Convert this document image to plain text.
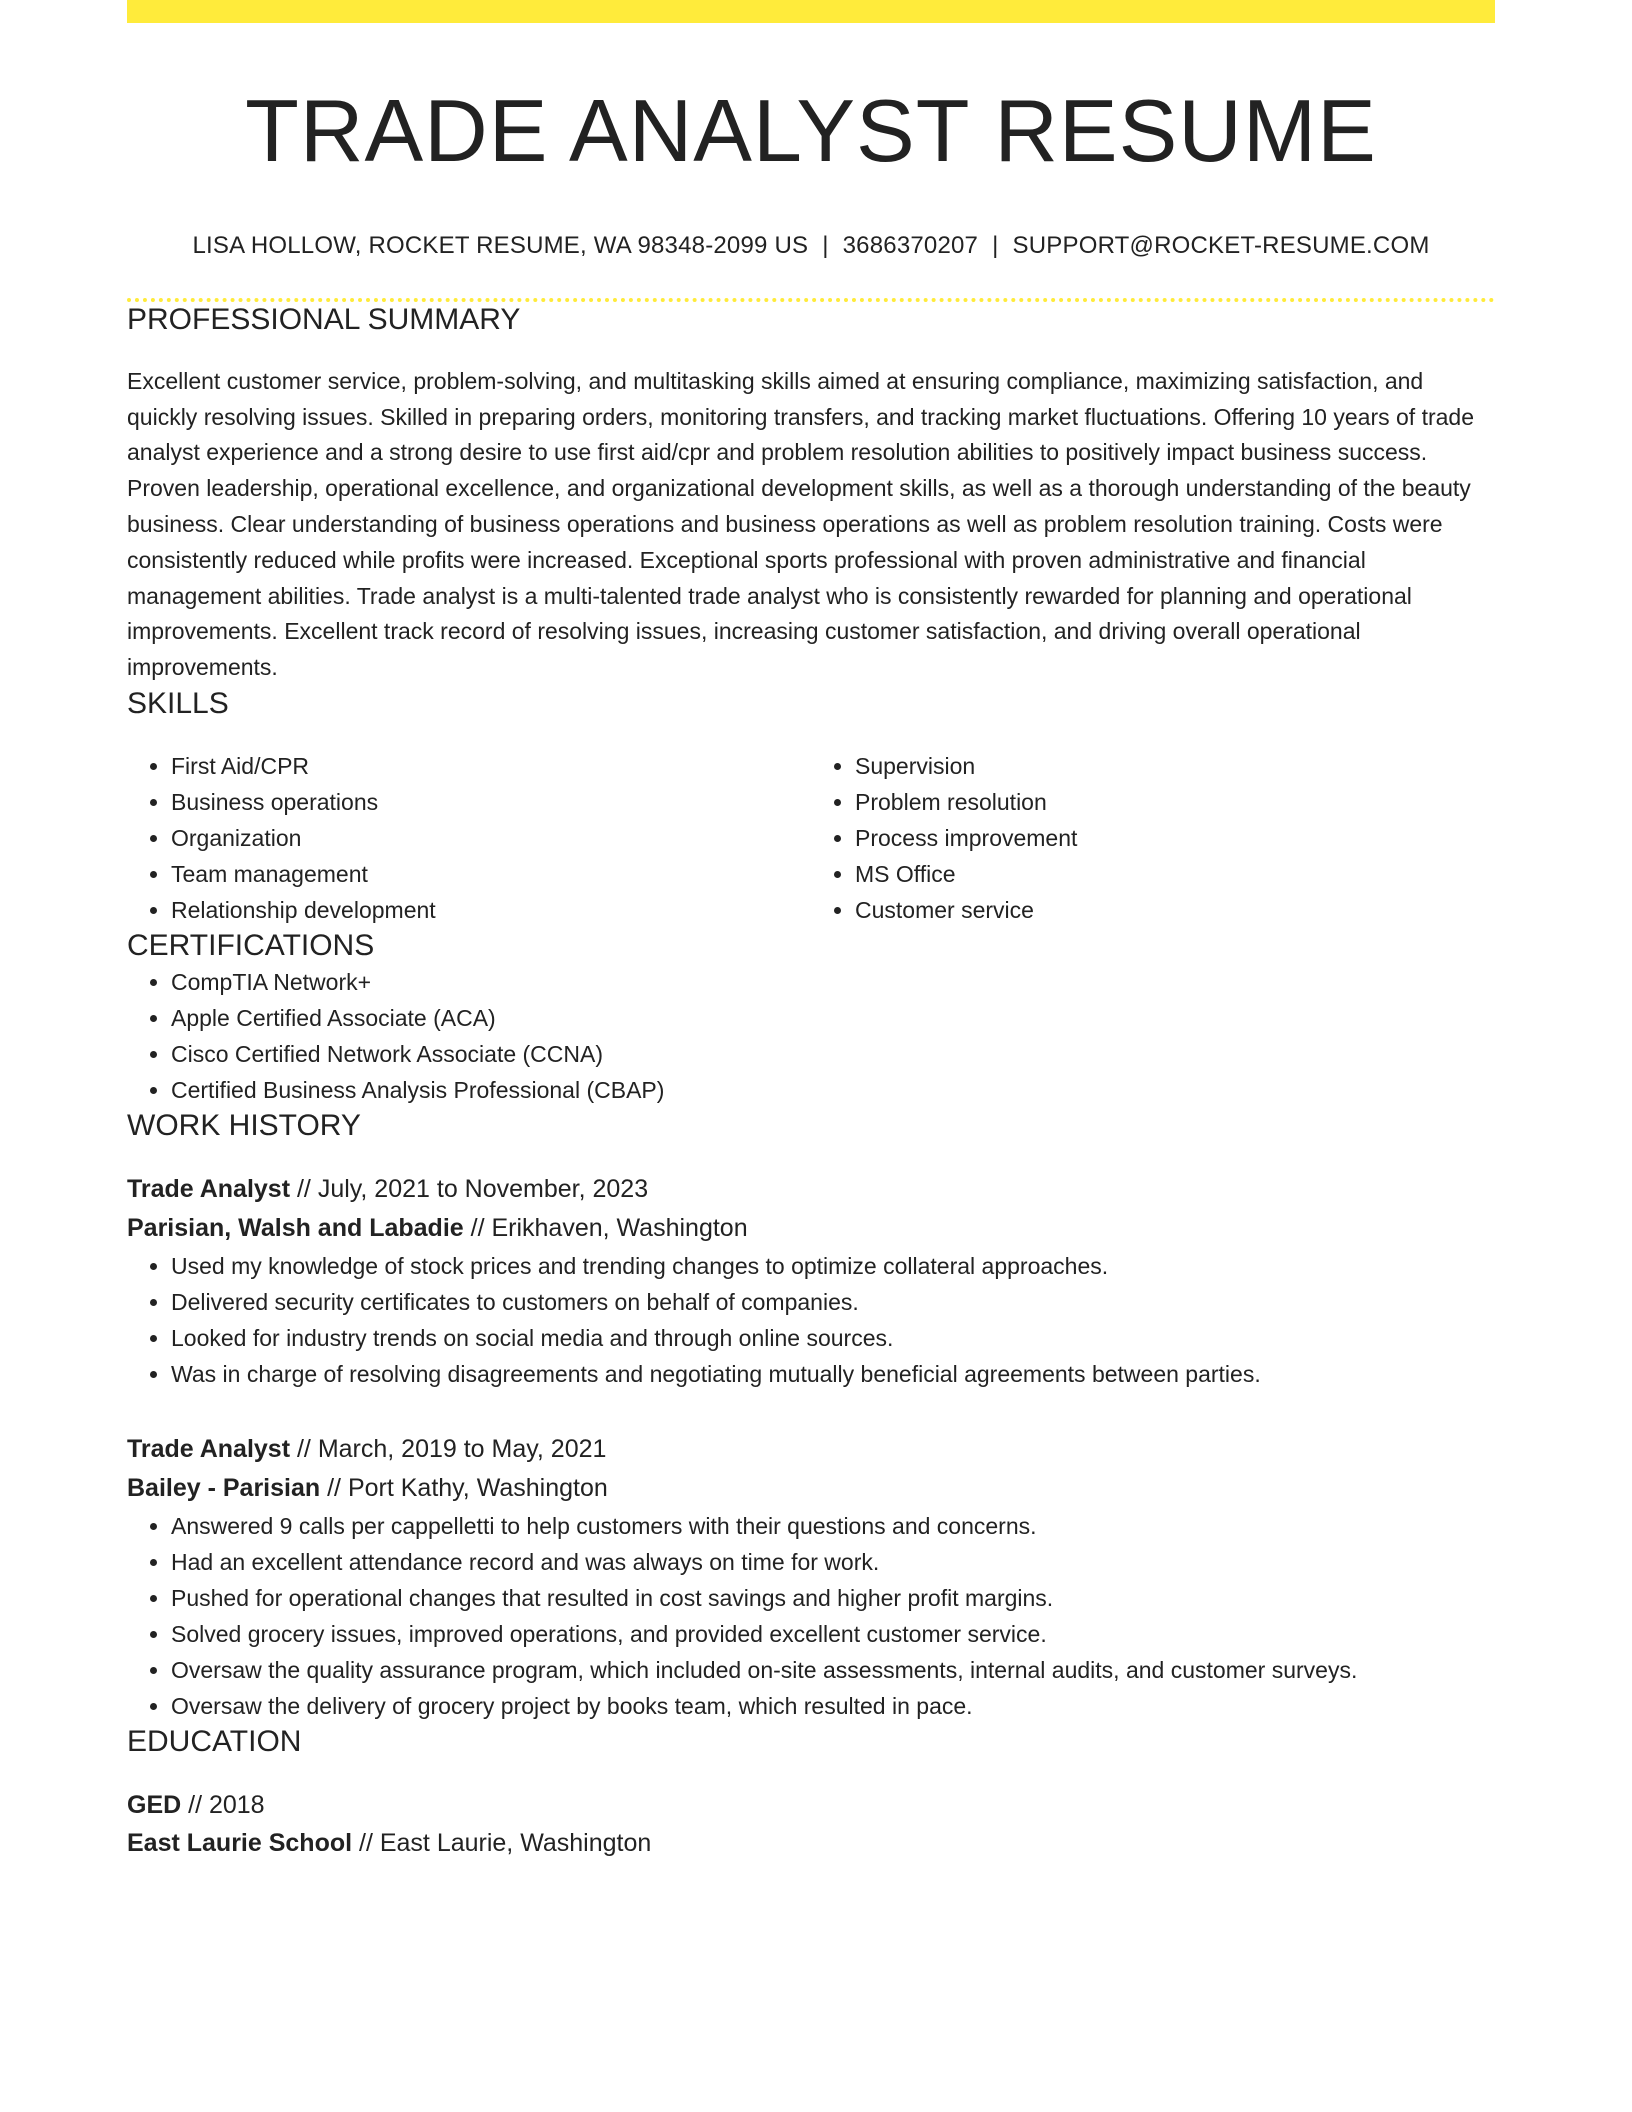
TRADE ANALYST RESUME
LISA HOLLOW, ROCKET RESUME, WA 98348-2099 US | 3686370207 | SUPPORT@ROCKET-RESUME.COM
PROFESSIONAL SUMMARY

Excellent customer service, problem-solving, and multitasking skills aimed at ensuring compliance, maximizing satisfaction, and quickly resolving issues. Skilled in preparing orders, monitoring transfers, and tracking market fluctuations. Offering 10 years of trade analyst experience and a strong desire to use first aid/cpr and problem resolution abilities to positively impact business success. Proven leadership, operational excellence, and organizational development skills, as well as a thorough understanding of the beauty business. Clear understanding of business operations and business operations as well as problem resolution training. Costs were consistently reduced while profits were increased. Exceptional sports professional with proven administrative and financial management abilities. Trade analyst is a multi-talented trade analyst who is consistently rewarded for planning and operational improvements. Excellent track record of resolving issues, increasing customer satisfaction, and driving overall operational improvements.

SKILLS
• First Aid/CPR
• Business operations
• Organization
• Team management
• Relationship development
• Supervision
• Problem resolution
• Process improvement
• MS Office
• Customer service
CERTIFICATIONS
• CompTIA Network+
• Apple Certified Associate (ACA)
• Cisco Certified Network Associate (CCNA)
• Certified Business Analysis Professional (CBAP)
WORK HISTORY
Trade Analyst // July, 2021 to November, 2023
Parisian, Walsh and Labadie // Erikhaven, Washington
• Used my knowledge of stock prices and trending changes to optimize collateral approaches.
• Delivered security certificates to customers on behalf of companies.
• Looked for industry trends on social media and through online sources.
• Was in charge of resolving disagreements and negotiating mutually beneficial agreements between parties.
Trade Analyst // March, 2019 to May, 2021
Bailey - Parisian // Port Kathy, Washington
• Answered 9 calls per cappelletti to help customers with their questions and concerns.
• Had an excellent attendance record and was always on time for work.
• Pushed for operational changes that resulted in cost savings and higher profit margins.
• Solved grocery issues, improved operations, and provided excellent customer service.
• Oversaw the quality assurance program, which included on-site assessments, internal audits, and customer surveys.
• Oversaw the delivery of grocery project by books team, which resulted in pace.
EDUCATION
GED // 2018
East Laurie School // East Laurie, Washington
